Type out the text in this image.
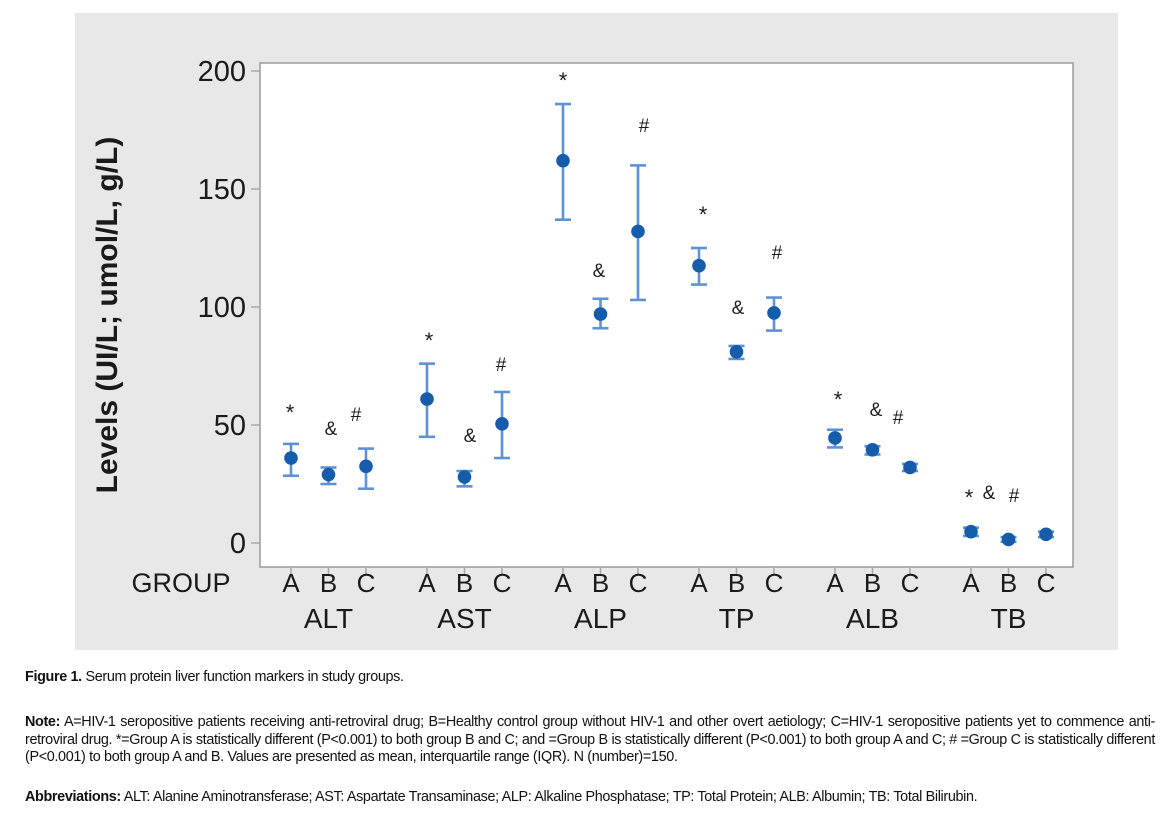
0
50
100
150
200
Levels (UI/L; umol/L, g/L)
GROUP A
*
B
&
C
#
ALT
A
*
B
&
C
#
AST
A
*
B
&
C
#
ALP
A
*
B
&
C
#
TP
A
*
B
&
C
#
ALB
A
*
B
&
C
#
TB
Figure 1. Serum protein liver function markers in study groups.
Note: A=HIV-1 seropositive patients receiving anti-retroviral drug; B=Healthy control group without HIV-1 and other overt aetiology; C=HIV-1 seropositive patients yet to commence anti-retroviral drug. *=Group A is statistically different (P<0.001) to both group B and C; and =Group B is statistically different (P<0.001) to both group A and C; # =Group C is statistically different (P<0.001) to both group A and B. Values are presented as mean, interquartile range (IQR). N (number)=150.
Abbreviations: ALT: Alanine Aminotransferase; AST: Aspartate Transaminase; ALP: Alkaline Phosphatase; TP: Total Protein; ALB: Albumin; TB: Total Bilirubin.
